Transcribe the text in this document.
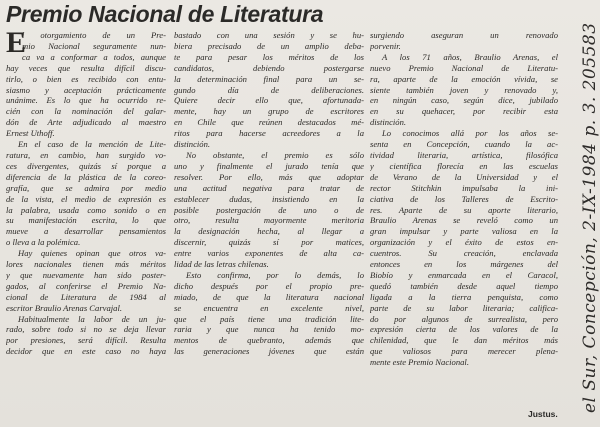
Premio Nacional de Literatura
E
l otorgamiento de un Pre-
mio Nacional seguramente nun-
ca va a conformar a todos, aunque
hay veces que resulta difícil discu-
tirlo, o bien es recibido con entu-
siasmo y aceptación prácticamente
unánime. Es lo que ha ocurrido re-
cién con la nominación del galar-
dón de Arte adjudicado al maestro
Ernest Uthoff.
En el caso de la mención de Lite-
ratura, en cambio, han surgido vo-
ces divergentes, quizás sí porque a
diferencia de la plástica de la coreo-
grafía, que se admira por medio
de la vista, el medio de expresión es
la palabra, usada como sonido o en
su manifestación escrita, lo que
mueve a desarrollar pensamientos
o lleva a la polémica.
Hay quienes opinan que otros va-
lores nacionales tienen más méritos
y que nuevamente han sido poster-
gados, al conferirse el Premio Na-
cional de Literatura de 1984 al
escritor Braulio Arenas Carvajal.
Habitualmente la labor de un ju-
rado, sobre todo si no se deja llevar
por presiones, será difícil. Resulta
decidor que en este caso no haya
bastado con una sesión y se hu-
biera precisado de un amplio deba-
te para pesar los méritos de los
candidatos, debiendo postergarse
la determinación final para un se-
gundo día de deliberaciones.
Quiere decir ello que, afortunada-
mente, hay un grupo de escritores
en Chile que reúnen destacados mé-
ritos para hacerse acreedores a la
distinción.
No obstante, el premio es sólo
uno y finalmente el jurado tenía que
resolver. Por ello, más que adoptar
una actitud negativa para tratar de
establecer dudas, insistiendo en la
posible postergación de uno o de
otro, resulta mayormente meritoria
la designación hecha, al llegar a
discernir, quizás sí por matices,
entre varios exponentes de alta ca-
lidad de las letras chilenas.
Esto confirma, por lo demás, lo
dicho después por el propio pre-
miado, de que la literatura nacional
se encuentra en excelente nivel,
que el país tiene una tradición lite-
raria y que nunca ha tenido mo-
mentos de quebranto, además que
las generaciones jóvenes que están
surgiendo aseguran un renovado
porvenir.
A los 71 años, Braulio Arenas, el
nuevo Premio Nacional de Literatu-
ra, aparte de la emoción vívida, se
siente también joven y renovado y,
en ningún caso, según dice, jubilado
en su quehacer, por recibir esta
distinción.
Lo conocimos allá por los años se-
senta en Concepción, cuando la ac-
tividad literaria, artística, filosófica
y científica florecía en las escuelas
de Verano de la Universidad y el
rector Stitchkin impulsaba la ini-
ciativa de los Talleres de Escrito-
res. Aparte de su aporte literario,
Braulio Arenas se reveló como un
gran impulsar y parte valiosa en la
organización y el éxito de estos en-
cuentros. Su creación, enclavada
entonces en los márgenes del
Biobío y enmarcada en el Caracol,
quedó también desde aquel tiempo
ligada a la tierra penquista, como
parte de su labor literaria; califica-
do por algunos de surrealista, pero
expresión cierta de los valores de la
chilenidad, que le dan méritos más
que valiosos para merecer plena-
mente este Premio Nacional.
Justus.
el Sur, Concepción, 2-IX-1984 p. 3. 205583
